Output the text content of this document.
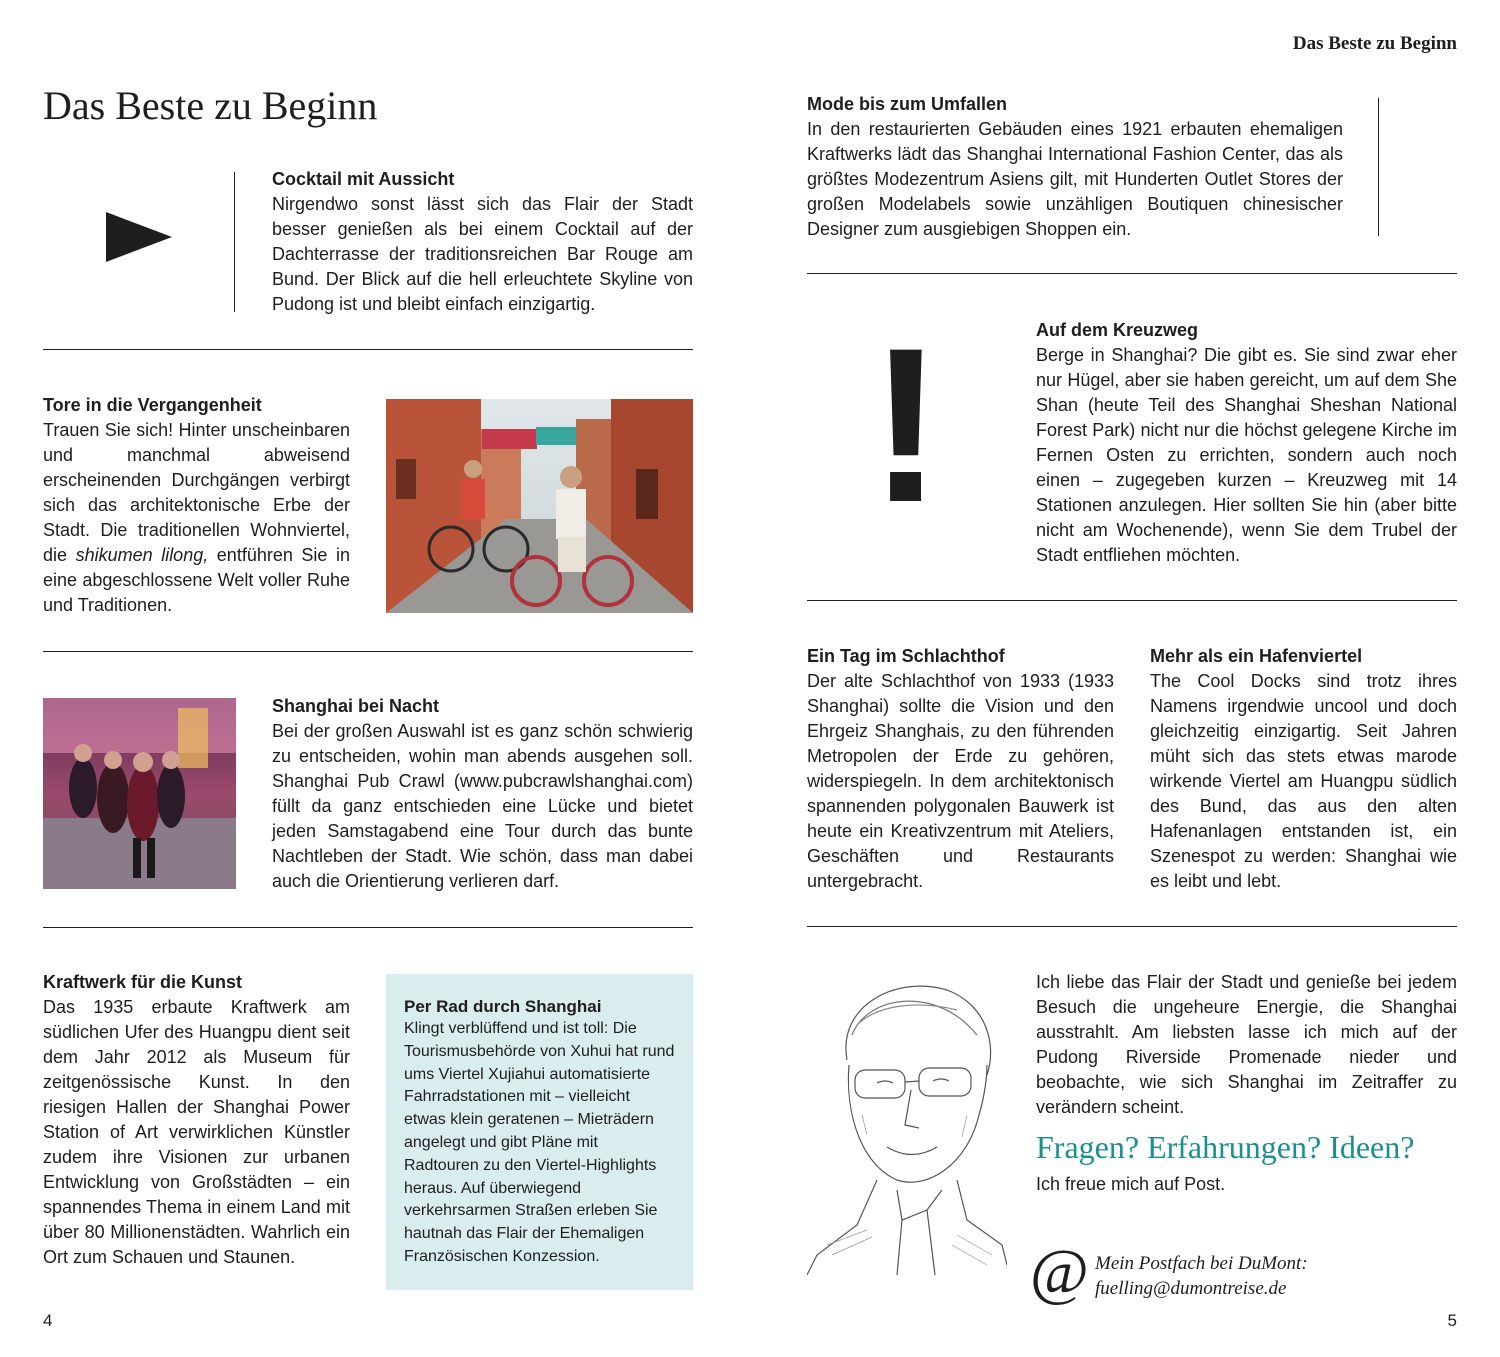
Das Beste zu Beginn
Das Beste zu Beginn

Cocktail mit Aussicht

Nirgendwo sonst lässt sich das Flair der Stadt besser genießen als bei einem Cocktail auf der Dachterrasse der traditionsreichen Bar Rouge am Bund. Der Blick auf die hell erleuchtete Skyline von Pudong ist und bleibt einfach einzigartig.

Tore in die Vergangenheit

Trauen Sie sich! Hinter unscheinbaren und manchmal abweisend erscheinenden Durchgängen verbirgt sich das architektonische Erbe der Stadt. Die traditionellen Wohnviertel, die shikumen lilong, entführen Sie in eine abgeschlossene Welt voller Ruhe und Traditionen.

Shanghai bei Nacht

Bei der großen Auswahl ist es ganz schön schwierig zu entscheiden, wohin man abends ausgehen soll. Shanghai Pub Crawl (www.pubcrawlshanghai.com) füllt da ganz entschieden eine Lücke und bietet jeden Samstagabend eine Tour durch das bunte Nachtleben der Stadt. Wie schön, dass man dabei auch die Orientierung verlieren darf.

Kraftwerk für die Kunst

Das 1935 erbaute Kraftwerk am südlichen Ufer des Huangpu dient seit dem Jahr 2012 als Museum für zeitgenössische Kunst. In den riesigen Hallen der Shanghai Power Station of Art verwirklichen Künstler zudem ihre Visionen zur urbanen Entwicklung von Großstädten – ein spannendes Thema in einem Land mit über 80 Millionenstädten. Wahrlich ein Ort zum Schauen und Staunen.

Per Rad durch Shanghai

Klingt verblüffend und ist toll: Die Tourismusbehörde von Xuhui hat rund ums Viertel Xujiahui automatisierte Fahrradstationen mit – vielleicht etwas klein geratenen – Mieträdern angelegt und gibt Pläne mit Radtouren zu den Viertel-Highlights heraus. Auf überwiegend verkehrsarmen Straßen erleben Sie hautnah das Flair der Ehemaligen Französischen Konzession.

4

Mode bis zum Umfallen

In den restaurierten Gebäuden eines 1921 erbauten ehemaligen Kraftwerks lädt das Shanghai International Fashion Center, das als größtes Modezentrum Asiens gilt, mit Hunderten Outlet Stores der großen Modelabels sowie unzähligen Boutiquen chinesischer Designer zum ausgiebigen Shoppen ein.

!	Auf dem Kreuzweg

Berge in Shanghai? Die gibt es. Sie sind zwar eher nur Hügel, aber sie haben gereicht, um auf dem She Shan (heute Teil des Shanghai Sheshan National Forest Park) nicht nur die höchst gelegene Kirche im Fernen Osten zu errichten, sondern auch noch einen – zugegeben kurzen – Kreuzweg mit 14 Stationen anzulegen. Hier sollten Sie hin (aber bitte nicht am Wochenende), wenn Sie dem Trubel der Stadt entfliehen möchten.

Ein Tag im Schlachthof

Der alte Schlachthof von 1933 (1933 Shanghai) sollte die Vision und den Ehrgeiz Shanghais, zu den führenden Metropolen der Erde zu gehören, widerspiegeln. In dem architektonisch spannenden polygonalen Bauwerk ist heute ein Kreativzentrum mit Ateliers, Geschäften und Restaurants untergebracht.

Mehr als ein Hafenviertel

The Cool Docks sind trotz ihres Namens irgendwie uncool und doch gleichzeitig einzigartig. Seit Jahren müht sich das stets etwas marode wirkende Viertel am Huangpu südlich des Bund, das aus den alten Hafenanlagen entstanden ist, ein Szenespot zu werden: Shanghai wie es leibt und lebt.

Ich liebe das Flair der Stadt und genieße bei jedem Besuch die ungeheure Energie, die Shanghai ausstrahlt. Am liebsten lasse ich mich auf der Pudong Riverside Promenade nieder und beobachte, wie sich Shanghai im Zeitraffer zu verändern scheint.

Fragen? Erfahrungen? Ideen?
Ich freue mich auf Post.
@ Mein Postfach bei DuMont:
fuelling@dumontreise.de
5
